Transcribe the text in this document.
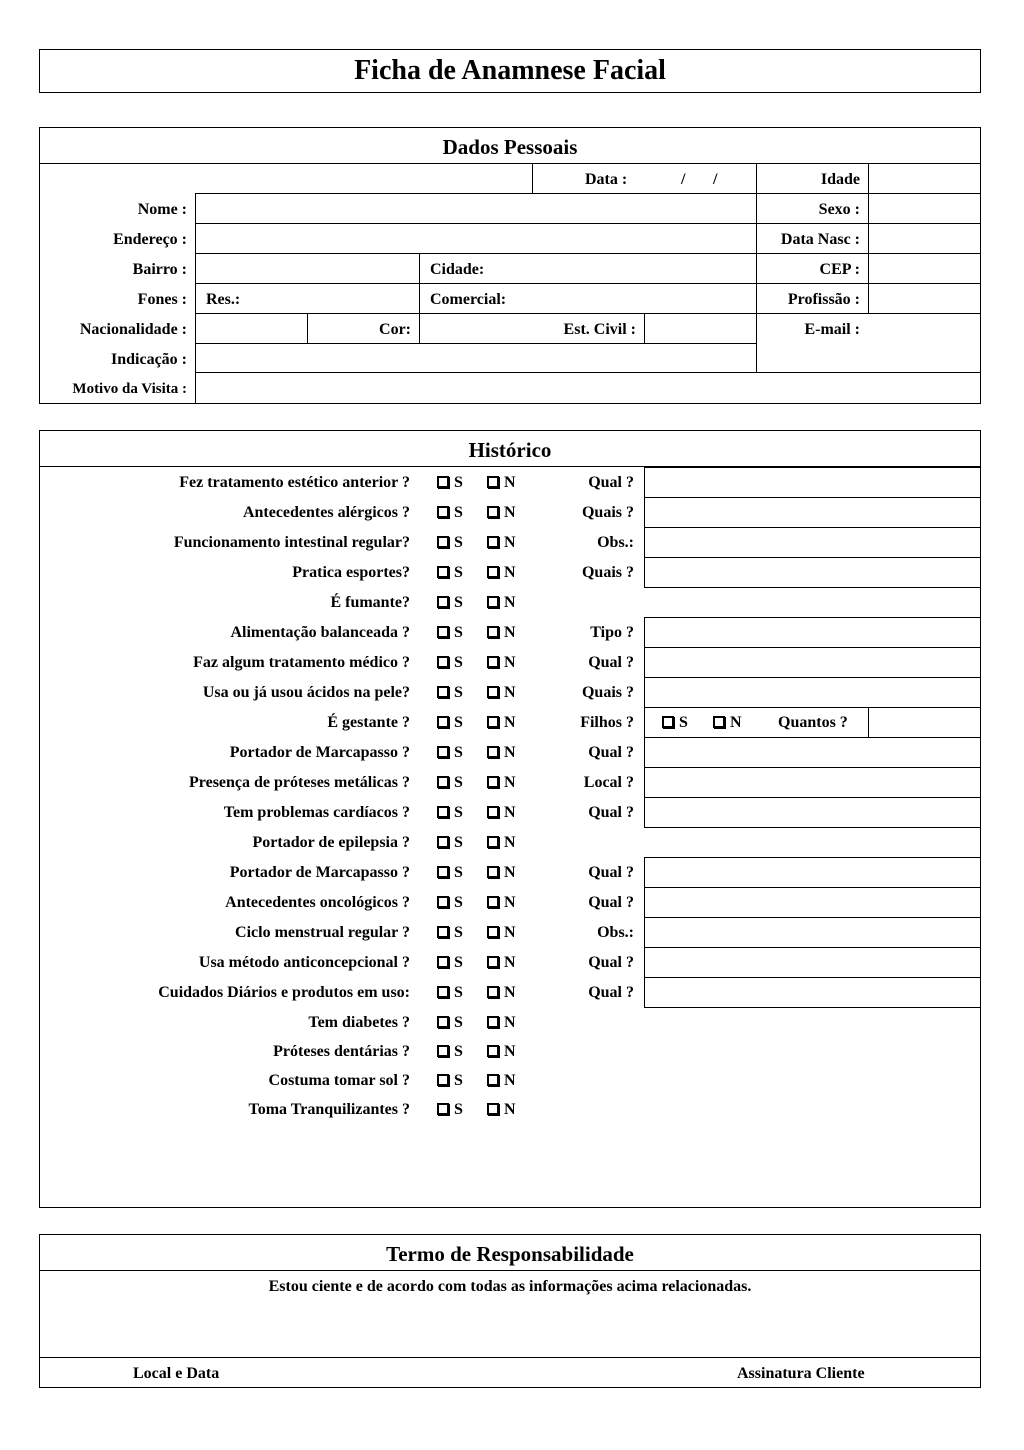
Ficha de Anamnese Facial
Dados Pessoais
Data :	/ /	Idade
Nome :	Sexo :
Endereço :	Data Nasc :
Bairro :	Cidade:	CEP :
Fones : Res.:	Comercial:	Profissão :
Nacionalidade :	Cor:	Est. Civil :	E-mail :
Indicação :
Motivo da Visita :
Histórico
Fez tratamento estético anterior ?	S	N	Qual ?
Antecedentes alérgicos ?	S	N	Quais ?
Funcionamento intestinal regular?	S	N	Obs.:
Pratica esportes?	S	N	Quais ?
É fumante?	S	N
Alimentação balanceada ?	S	N	Tipo ?
Faz algum tratamento médico ?	S	N	Qual ?
Usa ou já usou ácidos na pele?	S	N	Quais ?
É gestante ?	S	N	Filhos ?	S	N Quantos ?
Portador de Marcapasso ?	S	N	Qual ?
Presença de próteses metálicas ?	S	N	Local ?
Tem problemas cardíacos ?	S	N	Qual ?
Portador de epilepsia ?	S	N
Portador de Marcapasso ?	S	N	Qual ?
Antecedentes oncológicos ?	S	N	Qual ?
Ciclo menstrual regular ?	S	N	Obs.:
Usa método anticoncepcional ?	S	N	Qual ?
Cuidados Diários e produtos em uso:	S	N	Qual ?
Tem diabetes ?	S	N
Próteses dentárias ?	S	N
Costuma tomar sol ?	S	N
Toma Tranquilizantes ?	S	N
Termo de Responsabilidade
Estou ciente e de acordo com todas as informações acima relacionadas.
Local e Data	Assinatura Cliente
